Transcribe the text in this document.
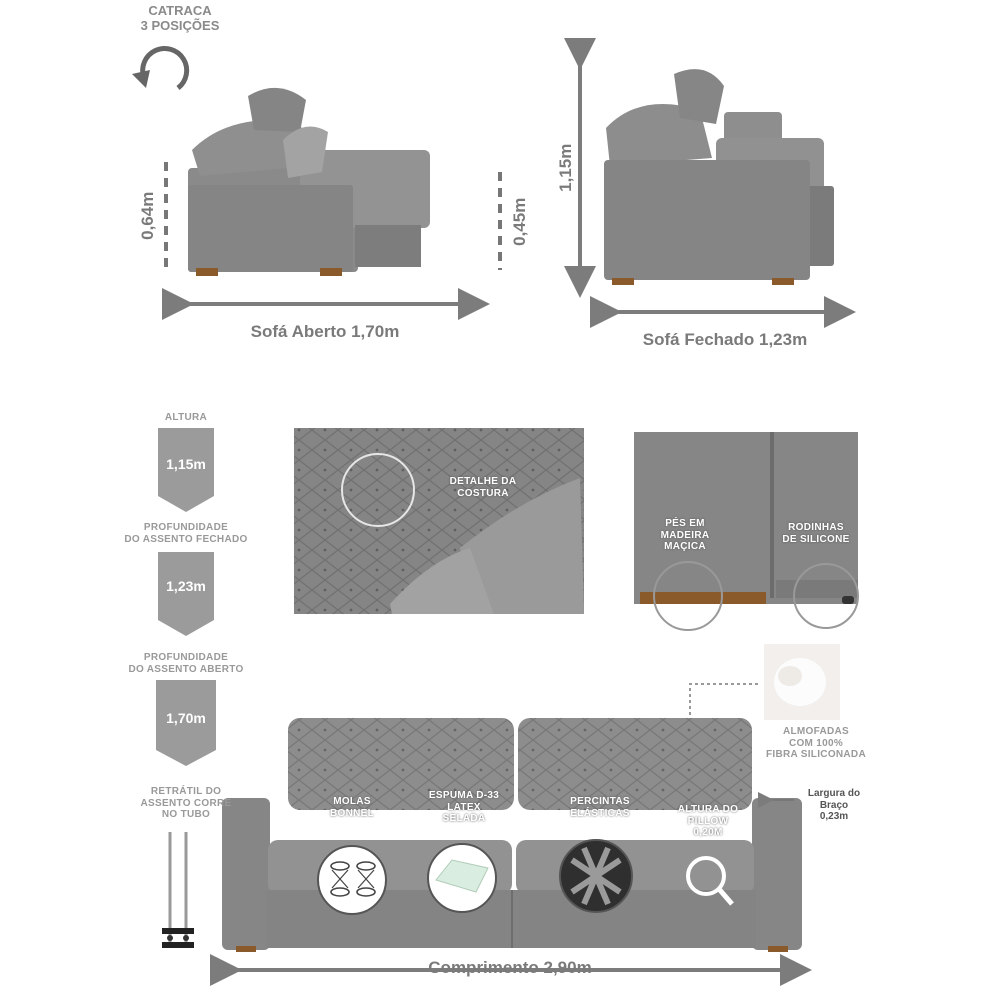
CATRACA
3 POSIÇÕES
0,64m	0,45m
1,15m
Sofá Aberto 1,70m	Sofá Fechado 1,23m
ALTURA
1,15m
PROFUNDIDADE
DO ASSENTO FECHADO
1,23m
PROFUNDIDADE
DO ASSENTO ABERTO
1,70m
RETRÁTIL DO
ASSENTO CORRE
NO TUBO
DETALHE DA
COSTURA
PÉS EM
MADEIRA
MAÇICA
RODINHAS
DE SILICONE
ALMOFADAS
COM 100%
FIBRA SILICONADA
MOLAS
BONNEL
ESPUMA D-33
LATEX
SELADA
PERCINTAS
ELÁSTICAS	ALTURA DO
PILLOW
0,20M
Largura do
Braço
0,23m
Comprimento 2,90m
